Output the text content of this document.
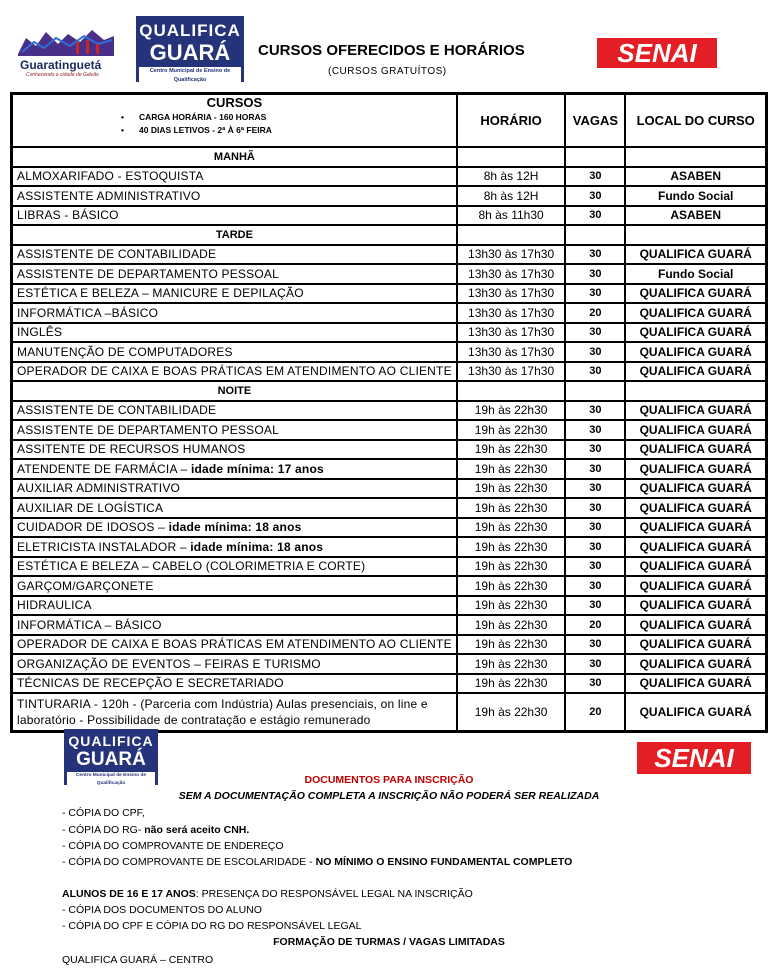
Guaratinguetá
Conhecendo a cidade de Galvão
QUALIFICA
GUARÁ
Centro Municipal de Ensino de Qualificação
CURSOS OFERECIDOS E HORÁRIOS
(CURSOS GRATUÍTOS)
SENAI
CURSOS
• CARGA HORÁRIA - 160 HORAS
• 40 DIAS LETIVOS - 2ª À 6ª FEIRA	HORÁRIO	VAGAS	LOCAL DO CURSO
MANHÃ			
ALMOXARIFADO - ESTOQUISTA	8h às 12H	30	ASABEN
ASSISTENTE ADMINISTRATIVO	8h às 12H	30	Fundo Social
LIBRAS - BÁSICO	8h às 11h30	30	ASABEN
TARDE			
ASSISTENTE DE CONTABILIDADE	13h30 às 17h30	30	QUALIFICA GUARÁ
ASSISTENTE DE DEPARTAMENTO PESSOAL	13h30 às 17h30	30	Fundo Social
ESTÉTICA E BELEZA – MANICURE E DEPILAÇÃO	13h30 às 17h30	30	QUALIFICA GUARÁ
INFORMÁTICA –BÁSICO	13h30 às 17h30	20	QUALIFICA GUARÁ
INGLÊS	13h30 às 17h30	30	QUALIFICA GUARÁ
MANUTENÇÃO DE COMPUTADORES	13h30 às 17h30	30	QUALIFICA GUARÁ
OPERADOR DE CAIXA E BOAS PRÁTICAS EM ATENDIMENTO AO CLIENTE	13h30 às 17h30	30	QUALIFICA GUARÁ
NOITE			
ASSISTENTE DE CONTABILIDADE	19h às 22h30	30	QUALIFICA GUARÁ
ASSISTENTE DE DEPARTAMENTO PESSOAL	19h às 22h30	30	QUALIFICA GUARÁ
ASSITENTE DE RECURSOS HUMANOS	19h às 22h30	30	QUALIFICA GUARÁ
ATENDENTE DE FARMÁCIA – idade mínima: 17 anos	19h às 22h30	30	QUALIFICA GUARÁ
AUXILIAR ADMINISTRATIVO	19h às 22h30	30	QUALIFICA GUARÁ
AUXILIAR DE LOGÍSTICA	19h às 22h30	30	QUALIFICA GUARÁ
CUIDADOR DE IDOSOS – idade mínima: 18 anos	19h às 22h30	30	QUALIFICA GUARÁ
ELETRICISTA INSTALADOR – idade mínima: 18 anos	19h às 22h30	30	QUALIFICA GUARÁ
ESTÉTICA E BELEZA – CABELO (COLORIMETRIA E CORTE)	19h às 22h30	30	QUALIFICA GUARÁ
GARÇOM/GARÇONETE	19h às 22h30	30	QUALIFICA GUARÁ
HIDRAULICA	19h às 22h30	30	QUALIFICA GUARÁ
INFORMÁTICA – BÁSICO	19h às 22h30	20	QUALIFICA GUARÁ
OPERADOR DE CAIXA E BOAS PRÁTICAS EM ATENDIMENTO AO CLIENTE	19h às 22h30	30	QUALIFICA GUARÁ
ORGANIZAÇÃO DE EVENTOS – FEIRAS E TURISMO	19h às 22h30	30	QUALIFICA GUARÁ
TÉCNICAS DE RECEPÇÃO E SECRETARIADO	19h às 22h30	30	QUALIFICA GUARÁ
TINTURARIA - 120h - (Parceria com Indústria) Aulas presenciais, on line e laboratório - Possibilidade de contratação e estágio remunerado	19h às 22h30	20	QUALIFICA GUARÁ
QUALIFICA
GUARÁ
Centro Municipal de Ensino de Qualificação
SENAI
DOCUMENTOS PARA INSCRIÇÃO
SEM A DOCUMENTAÇÃO COMPLETA A INSCRIÇÃO NÃO PODERÁ SER REALIZADA
- CÓPIA DO CPF,
- CÓPIA DO RG- não será aceito CNH.
- CÓPIA DO COMPROVANTE DE ENDEREÇO
- CÓPIA DO COMPROVANTE DE ESCOLARIDADE - NO MÍNIMO O ENSINO FUNDAMENTAL COMPLETO
ALUNOS DE 16 E 17 ANOS: PRESENÇA DO RESPONSÁVEL LEGAL NA INSCRIÇÃO
- CÓPIA DOS DOCUMENTOS DO ALUNO
- CÓPIA DO CPF E CÓPIA DO RG DO RESPONSÁVEL LEGAL
FORMAÇÃO DE TURMAS / VAGAS LIMITADAS
QUALIFICA GUARÁ – CENTRO
